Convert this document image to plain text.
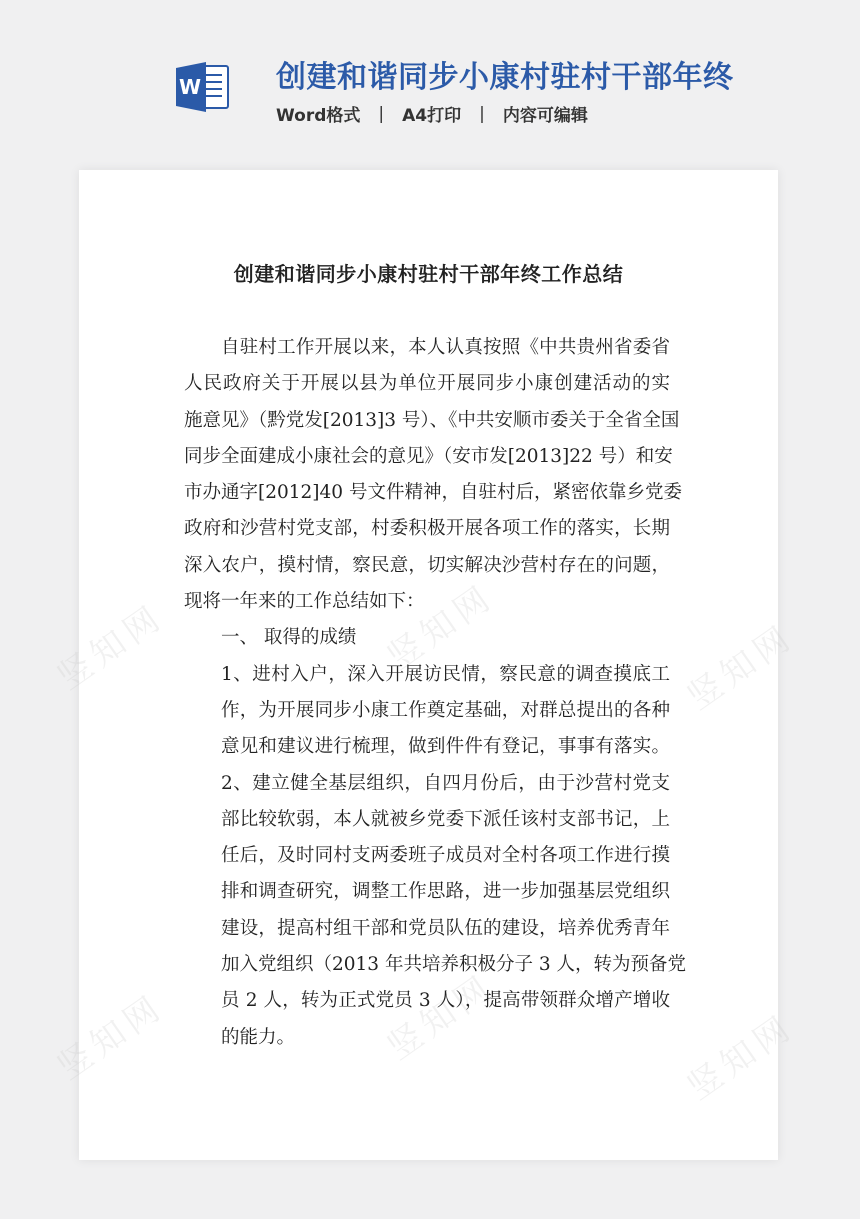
W 创建和谐同步小康村驻村干部年终
Word格式 | A4打印 | 内容可编辑
竖知网	竖知网	竖知网
竖知网	竖知网	竖知网
创建和谐同步小康村驻村干部年终工作总结
自驻村工作开展以来，本人认真按照《中共贵州省委省
人民政府关于开展以县为单位开展同步小康创建活动的实
施意见》（黔党发[2013]3 号）、《中共安顺市委关于全省全国
同步全面建成小康社会的意见》（安市发[2013]22 号）和安
市办通字[2012]40 号文件精神，自驻村后，紧密依靠乡党委
政府和沙营村党支部，村委积极开展各项工作的落实，长期
深入农户，摸村情，察民意，切实解决沙营村存在的问题，
现将一年来的工作总结如下：
一、 取得的成绩
1、进村入户，深入开展访民情，察民意的调查摸底工
作，为开展同步小康工作奠定基础，对群总提出的各种
意见和建议进行梳理，做到件件有登记，事事有落实。
2、建立健全基层组织，自四月份后，由于沙营村党支
部比较软弱，本人就被乡党委下派任该村支部书记，上
任后，及时同村支两委班子成员对全村各项工作进行摸
排和调查研究，调整工作思路，进一步加强基层党组织
建设，提高村组干部和党员队伍的建设，培养优秀青年
加入党组织（2013 年共培养积极分子 3 人，转为预备党
员 2 人，转为正式党员 3 人），提高带领群众增产增收
的能力。
